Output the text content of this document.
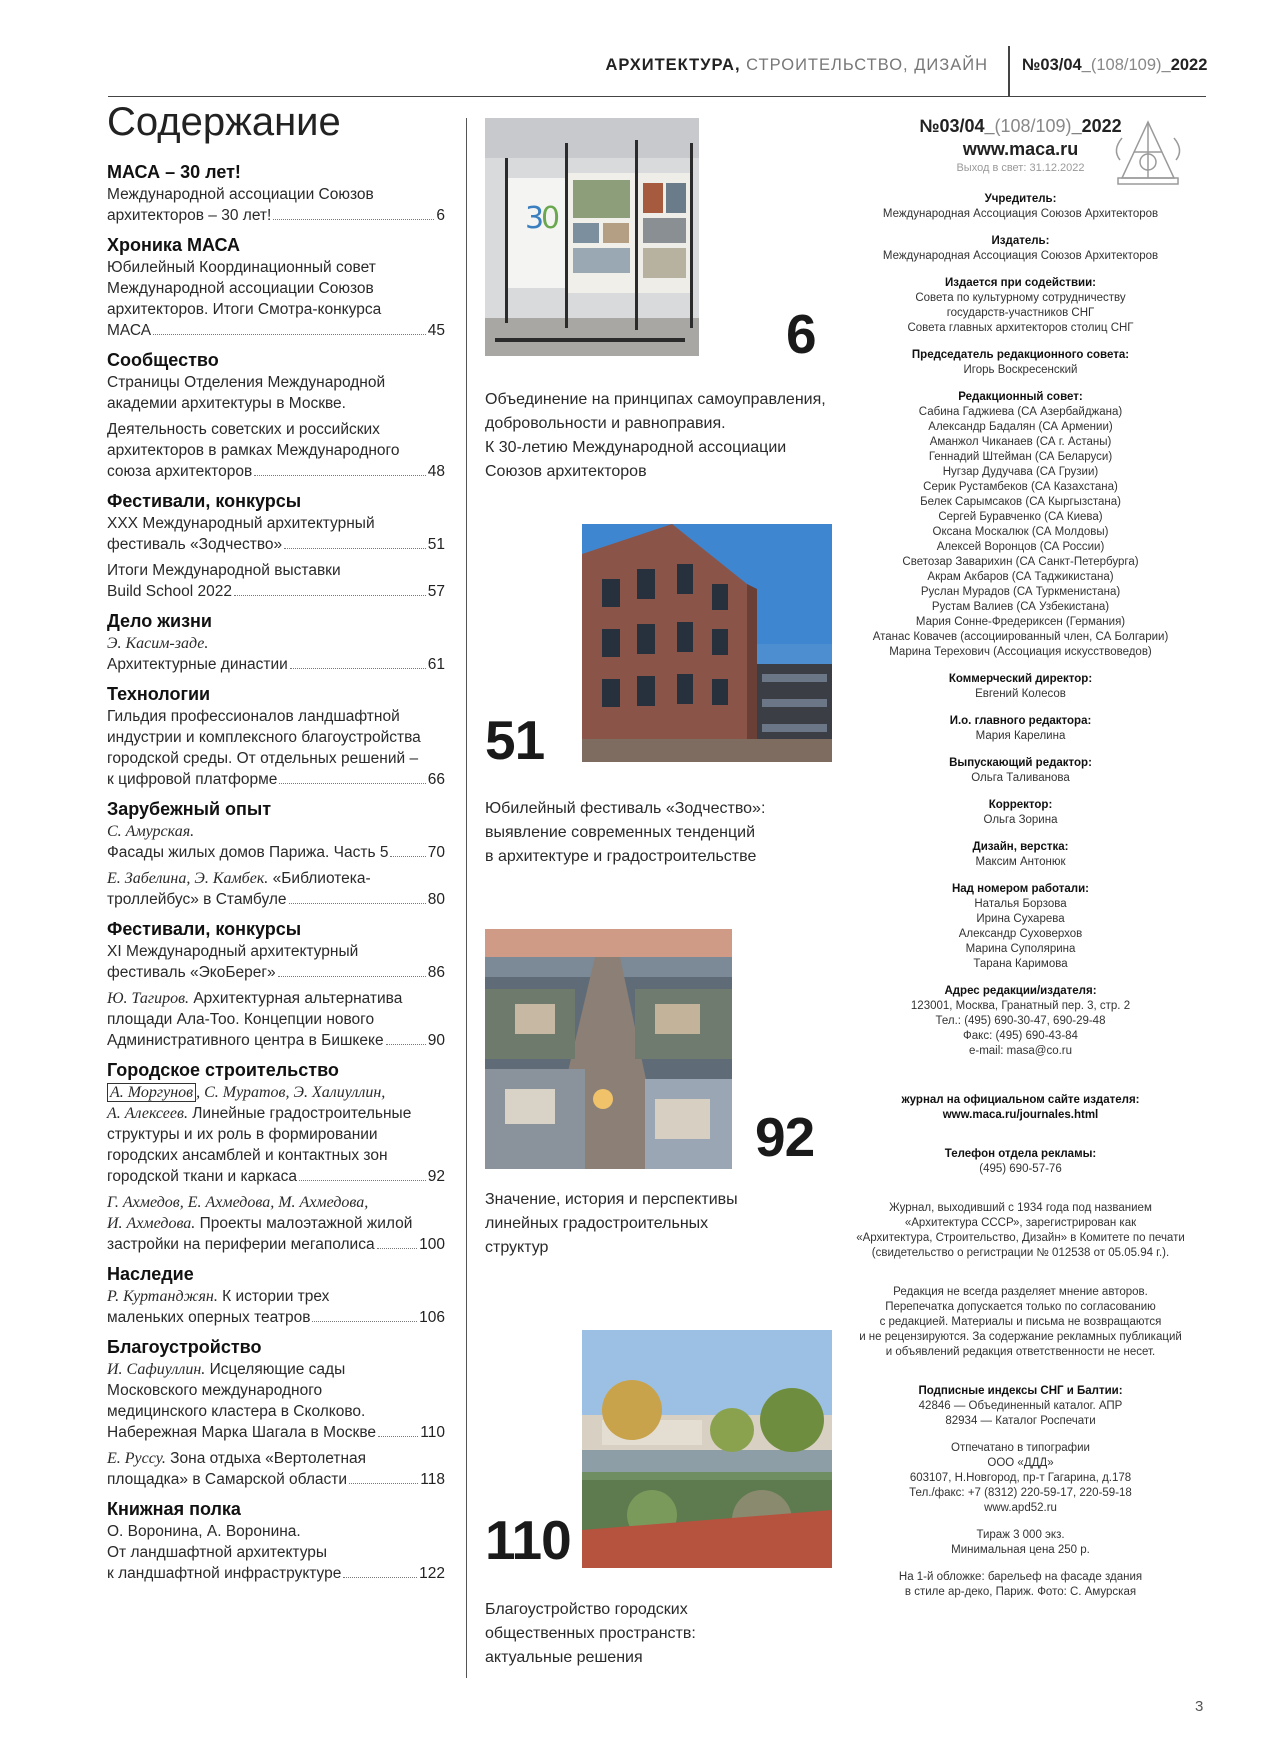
АРХИТЕКТУРА, СТРОИТЕЛЬСТВО, ДИЗАЙН №03/04_(108/109)_2022
Содержание
МАСА – 30 лет!
Международной ассоциации Союзов
архитекторов – 30 лет!	6
Хроника МАСА
Юбилейный Координационный совет
Международной ассоциации Союзов
архитекторов. Итоги Смотра-конкурса
МАСА	45
Сообщество
Страницы Отделения Международной
академии архитектуры в Москве.
Деятельность советских и российских
архитекторов в рамках Международного
союза архитекторов	48
Фестивали, конкурсы
XXX Международный архитектурный
фестиваль «Зодчество»	51
Итоги Международной выставки
Build School 2022	57
Дело жизни
Э. Касим-заде.
Архитектурные династии	61
Технологии
Гильдия профессионалов ландшафтной
индустрии и комплексного благоустройства
городской среды. От отдельных решений –
к цифровой платформе	66
Зарубежный опыт
С. Амурская.
Фасады жилых домов Парижа. Часть 5	70
Е. Забелина, Э. Камбек. «Библиотека-
троллейбус» в Стамбуле	80
Фестивали, конкурсы
XI Международный архитектурный
фестиваль «ЭкоБерег»	86
Ю. Тагиров. Архитектурная альтернатива
площади Ала-Тоо. Концепции нового
Административного центра в Бишкеке	90
Городское строительство
А. Моргунов , С. Муратов, Э. Халиуллин,
А. Алексеев. Линейные градостроительные
структуры и их роль в формировании
городских ансамблей и контактных зон
городской ткани и каркаса	92
Г. Ахмедов, Е. Ахмедова, М. Ахмедова,
И. Ахмедова. Проекты малоэтажной жилой
застройки на периферии мегаполиса	100
Наследие
Р. Куртанджян. К истории трех
маленьких оперных театров	106
Благоустройство
И. Сафиуллин. Исцеляющие сады
Московского международного
медицинского кластера в Сколково.
Набережная Марка Шагала в Москве	110
Е. Руссу. Зона отдыха «Вертолетная
площадка» в Самарской области	118
Книжная полка
О. Воронина, А. Воронина.
От ландшафтной архитектуры
к ландшафтной инфраструктуре	122
3
0
6
Объединение на принципах самоуправления,
добровольности и равноправия.
К 30-летию Международной ассоциации
Союзов архитекторов
51
Юбилейный фестиваль «Зодчество»:
выявление современных тенденций
в архитектуре и градостроительстве
92
Значение, история и перспективы
линейных градостроительных
структур
110
Благоустройство городских
общественных пространств:
актуальные решения
№03/04_(108/109)_2022
www.maca.ru
Выход в свет: 31.12.2022
Учредитель:
Международная Ассоциация Союзов Архитекторов
Издатель:
Международная Ассоциация Союзов Архитекторов
Издается при содействии:
Совета по культурному сотрудничеству
государств-участников СНГ
Совета главных архитекторов столиц СНГ
Председатель редакционного совета:
Игорь Воскресенский
Редакционный совет:
Сабина Гаджиева (СА Азербайджана)
Александр Бадалян (СА Армении)
Аманжол Чиканаев (СА г. Астаны)
Геннадий Штейман (СА Беларуси)
Нугзар Дудучава (СА Грузии)
Серик Рустамбеков (СА Казахстана)
Белек Сарымсаков (СА Кыргызстана)
Сергей Буравченко (СА Киева)
Оксана Москалюк (СА Молдовы)
Алексей Воронцов (СА России)
Светозар Заварихин (СА Санкт-Петербурга)
Акрам Акбаров (СА Таджикистана)
Руслан Мурадов (СА Туркменистана)
Рустам Валиев (СА Узбекистана)
Мария Сонне-Фредериксен (Германия)
Атанас Ковачев (ассоциированный член, СА Болгарии)
Марина Терехович (Ассоциация искусствоведов)
Коммерческий директор:
Евгений Колесов
И.о. главного редактора:
Мария Карелина
Выпускающий редактор:
Ольга Таливанова
Корректор:
Ольга Зорина
Дизайн, верстка:
Максим Антонюк
Над номером работали:
Наталья Борзова
Ирина Сухарева
Александр Суховерхов
Марина Суполярина
Тарана Каримова
Адрес редакции/издателя:
123001, Москва, Гранатный пер. 3, стр. 2
Тел.: (495) 690-30-47, 690-29-48
Факс: (495) 690-43-84
e-mail: masa@co.ru
журнал на официальном сайте издателя:
www.maca.ru/journales.html
Телефон отдела рекламы:
(495) 690-57-76
Журнал, выходивший с 1934 года под названием
«Архитектура СССР», зарегистрирован как
«Архитектура, Строительство, Дизайн» в Комитете по печати
(свидетельство о регистрации № 012538 от 05.05.94 г.).
Редакция не всегда разделяет мнение авторов.
Перепечатка допускается только по согласованию
с редакцией. Материалы и письма не возвращаются
и не рецензируются. За содержание рекламных публикаций
и объявлений редакция ответственности не несет.
Подписные индексы СНГ и Балтии:
42846 — Объединенный каталог. АПР
82934 — Каталог Роспечати
Отпечатано в типографии
ООО «ДДД»
603107, Н.Новгород, пр-т Гагарина, д.178
Тел./факс: +7 (8312) 220-59-17, 220-59-18
www.apd52.ru
Тираж 3 000 экз.
Минимальная цена 250 р.
На 1-й обложке: барельеф на фасаде здания
в стиле ар-деко, Париж. Фото: С. Амурская
3
